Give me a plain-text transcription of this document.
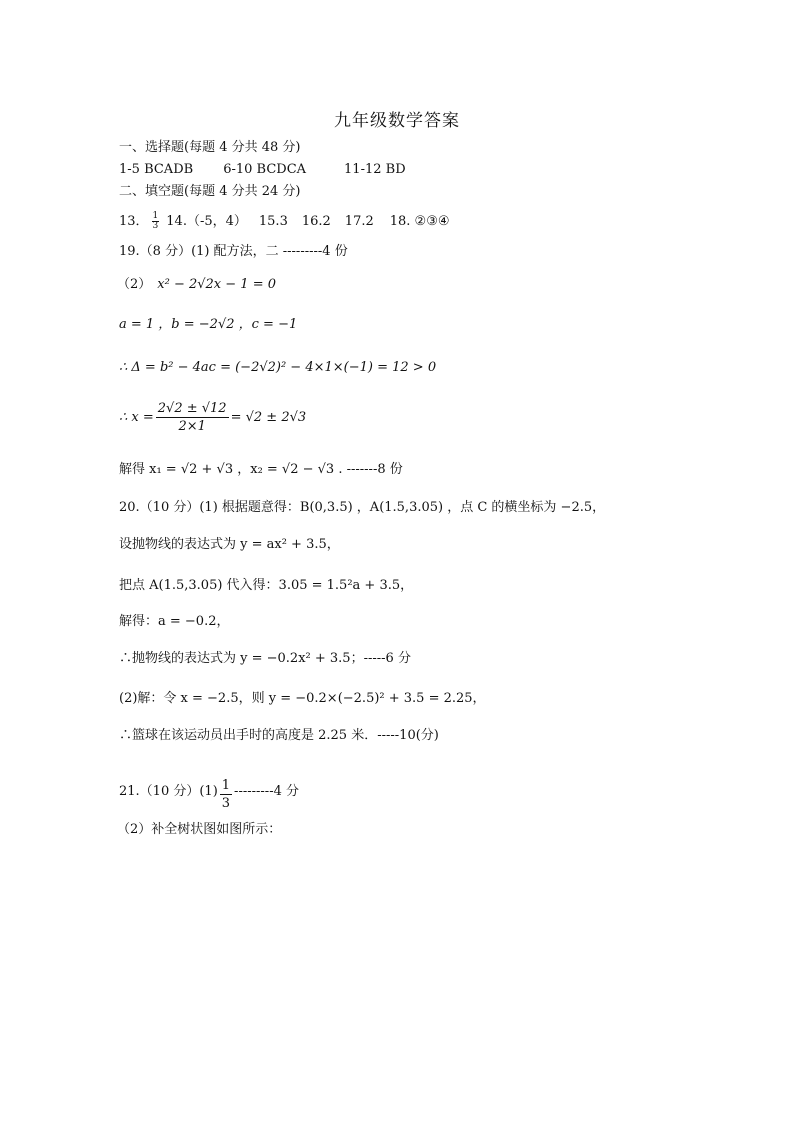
九年级数学答案
一、选择题(每题 4 分共 48 分)
1-5 BCADB 6-10 BCDCA	11-12 BD
二、填空题(每题 4 分共 24 分)
13． $\frac{1}{3} 14.(-5$，4） 15.3 16.2 17.2 18. ②③④
19.（8 分）(1) 配方法，二 ---------4 份
（2） x² − 2√2x − 1 = 0
a = 1 ，b = −2√2 ，c = −1
∴ Δ = b² − 4ac = (−2√2)² − 4×1×(−1) = 12 > 0
∴ $x = \frac{2√2 \pm √12}{2\times 1} = √2 \pm 2√3$
解得 x₁ = √2 + √3 ，x₂ = √2 − √3 . -------8 份
20.（10 分）(1) 根据题意得：B(0,3.5) ，A(1.5,3.05) ，点 C 的横坐标为 −2.5，
设抛物线的表达式为 y = ax² + 3.5，
把点 A(1.5,3.05) 代入得：3.05 = 1.5²a + 3.5，
解得：a = −0.2，
∴抛物线的表达式为 y = −0.2x² + 3.5；-----6 分
(2)解：令 x = −2.5，则 y = −0.2×(−2.5)² + 3.5 = 2.25，
∴篮球在该运动员出手时的高度是 2.25 米．-----10(分)
21.（10 分）$(1) \frac{1}{3} ---------4$ 分
（2）补全树状图如图所示：
